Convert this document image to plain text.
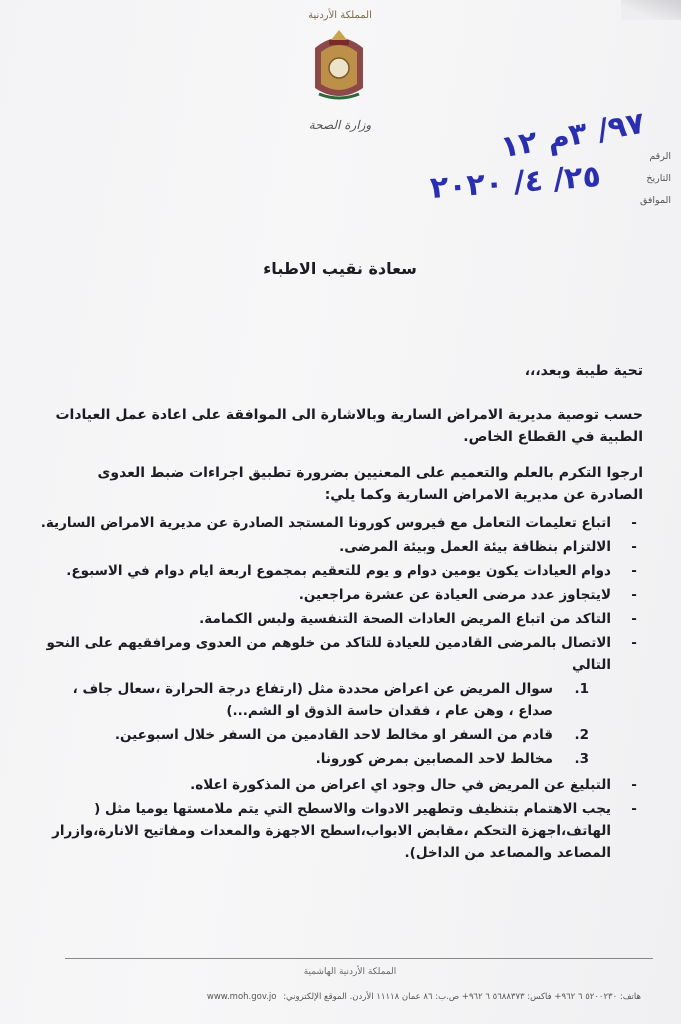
المملكة الأردنية
وزارة الصحة
الرقم
التاريخ
الموافق
٩٧/ ٣م ١٢
٢٥/ ٤/ ٢٠٢٠
سعادة نقيب الاطباء
تحية طيبة وبعد،،،
حسب توصية مديرية الامراض السارية وبالاشارة الى الموافقة على اعادة عمل العيادات الطبية في القطاع الخاص.
ارجوا التكرم بالعلم والتعميم على المعنيين بضرورة تطبيق اجراءات ضبط العدوى الصادرة عن مديرية الامراض السارية وكما يلي:
-
اتباع تعليمات التعامل مع فيروس كورونا المستجد الصادرة عن مديرية الامراض السارية.
-
الالتزام بنظافة بيئة العمل وبيئة المرضى.
-
دوام العيادات يكون يومين دوام و يوم للتعقيم بمجموع اربعة ايام دوام في الاسبوع.
-
لايتجاوز عدد مرضى العيادة عن عشرة مراجعين.
-
التاكد من اتباع المريض العادات الصحة التنفسية ولبس الكمامة.
-
الاتصال بالمرضى القادمين للعيادة للتاكد من خلوهم من العدوى ومرافقيهم على النحو التالي
1.
سوال المريض عن اعراض محددة مثل (ارتفاع درجة الحرارة ،سعال جاف ، صداع ، وهن عام ، فقدان حاسة الذوق او الشم...)
2.
قادم من السفر او مخالط لاحد القادمين من السفر خلال اسبوعين.
3.
مخالط لاحد المصابين بمرض كورونا.
-
التبليغ عن المريض في حال وجود اي اعراض من المذكورة اعلاه.
-
يجب الاهتمام بتنظيف وتطهير الادوات والاسطح التي يتم ملامستها يوميا مثل ( الهاتف،اجهزة التحكم ،مقابض الابواب،اسطح الاجهزة والمعدات ومفاتيح الانارة،وازرار المصاعد والمصاعد من الداخل).
المملكة الأردنية الهاشمية
هاتف: ٥٢٠٠٢٣٠ ٦ ٩٦٢+ فاكس: ٥٦٨٨٣٧٣ ٦ ٩٦٢+ ص.ب: ٨٦ عمان ١١١١٨ الأردن. الموقع الإلكتروني: www.moh.gov.jo
